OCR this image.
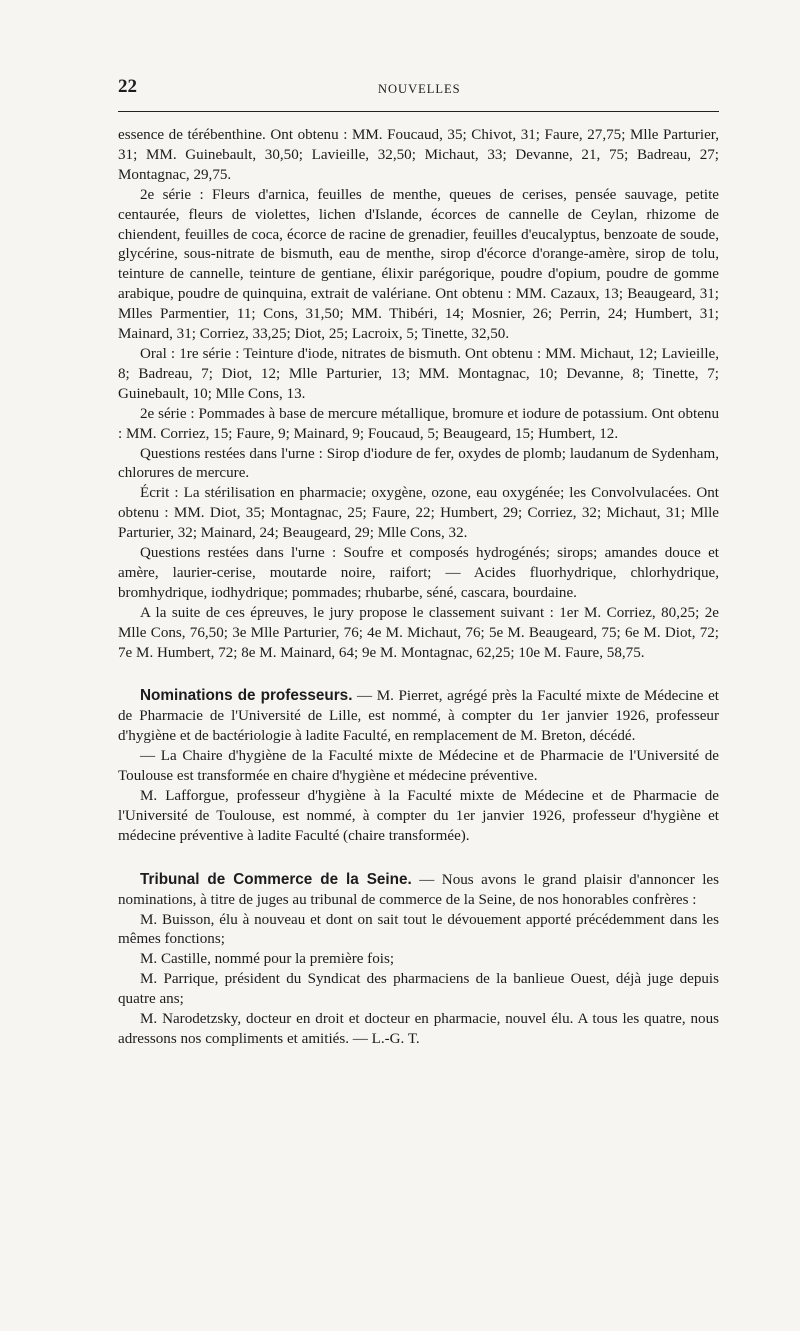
22	NOUVELLES

essence de térébenthine. Ont obtenu : MM. Foucaud, 35; Chivot, 31; Faure, 27,75; Mlle Parturier, 31; MM. Guinebault, 30,50; Lavieille, 32,50; Michaut, 33; Devanne, 21, 75; Badreau, 27; Montagnac, 29,75.

2e série : Fleurs d'arnica, feuilles de menthe, queues de cerises, pensée sauvage, petite centaurée, fleurs de violettes, lichen d'Islande, écorces de cannelle de Ceylan, rhizome de chiendent, feuilles de coca, écorce de racine de grenadier, feuilles d'eucalyptus, benzoate de soude, glycérine, sous-nitrate de bismuth, eau de menthe, sirop d'écorce d'orange-amère, sirop de tolu, teinture de cannelle, teinture de gentiane, élixir parégorique, poudre d'opium, poudre de gomme arabique, poudre de quinquina, extrait de valériane. Ont obtenu : MM. Cazaux, 13; Beaugeard, 31; Mlles Parmentier, 11; Cons, 31,50; MM. Thibéri, 14; Mosnier, 26; Perrin, 24; Humbert, 31; Mainard, 31; Corriez, 33,25; Diot, 25; Lacroix, 5; Tinette, 32,50.

Oral : 1re série : Teinture d'iode, nitrates de bismuth. Ont obtenu : MM. Michaut, 12; Lavieille, 8; Badreau, 7; Diot, 12; Mlle Parturier, 13; MM. Montagnac, 10; Devanne, 8; Tinette, 7; Guinebault, 10; Mlle Cons, 13.

2e série : Pommades à base de mercure métallique, bromure et iodure de potassium. Ont obtenu : MM. Corriez, 15; Faure, 9; Mainard, 9; Foucaud, 5; Beaugeard, 15; Humbert, 12.

Questions restées dans l'urne : Sirop d'iodure de fer, oxydes de plomb; laudanum de Sydenham, chlorures de mercure.

Écrit : La stérilisation en pharmacie; oxygène, ozone, eau oxygénée; les Convolvulacées. Ont obtenu : MM. Diot, 35; Montagnac, 25; Faure, 22; Humbert, 29; Corriez, 32; Michaut, 31; Mlle Parturier, 32; Mainard, 24; Beaugeard, 29; Mlle Cons, 32.

Questions restées dans l'urne : Soufre et composés hydrogénés; sirops; amandes douce et amère, laurier-cerise, moutarde noire, raifort; — Acides fluorhydrique, chlorhydrique, bromhydrique, iodhydrique; pommades; rhubarbe, séné, cascara, bourdaine.

A la suite de ces épreuves, le jury propose le classement suivant : 1er M. Corriez, 80,25; 2e Mlle Cons, 76,50; 3e Mlle Parturier, 76; 4e M. Michaut, 76; 5e M. Beaugeard, 75; 6e M. Diot, 72; 7e M. Humbert, 72; 8e M. Mainard, 64; 9e M. Montagnac, 62,25; 10e M. Faure, 58,75.

Nominations de professeurs. — M. Pierret, agrégé près la Faculté mixte de Médecine et de Pharmacie de l'Université de Lille, est nommé, à compter du 1er janvier 1926, professeur d'hygiène et de bactériologie à ladite Faculté, en remplacement de M. Breton, décédé.

— La Chaire d'hygiène de la Faculté mixte de Médecine et de Pharmacie de l'Université de Toulouse est transformée en chaire d'hygiène et médecine préventive.

M. Lafforgue, professeur d'hygiène à la Faculté mixte de Médecine et de Pharmacie de l'Université de Toulouse, est nommé, à compter du 1er janvier 1926, professeur d'hygiène et médecine préventive à ladite Faculté (chaire transformée).

Tribunal de Commerce de la Seine. — Nous avons le grand plaisir d'annoncer les nominations, à titre de juges au tribunal de commerce de la Seine, de nos honorables confrères :

M. Buisson, élu à nouveau et dont on sait tout le dévouement apporté précédemment dans les mêmes fonctions;

M. Castille, nommé pour la première fois;

M. Parrique, président du Syndicat des pharmaciens de la banlieue Ouest, déjà juge depuis quatre ans;

M. Narodetzsky, docteur en droit et docteur en pharmacie, nouvel élu. A tous les quatre, nous adressons nos compliments et amitiés. — L.-G. T.
